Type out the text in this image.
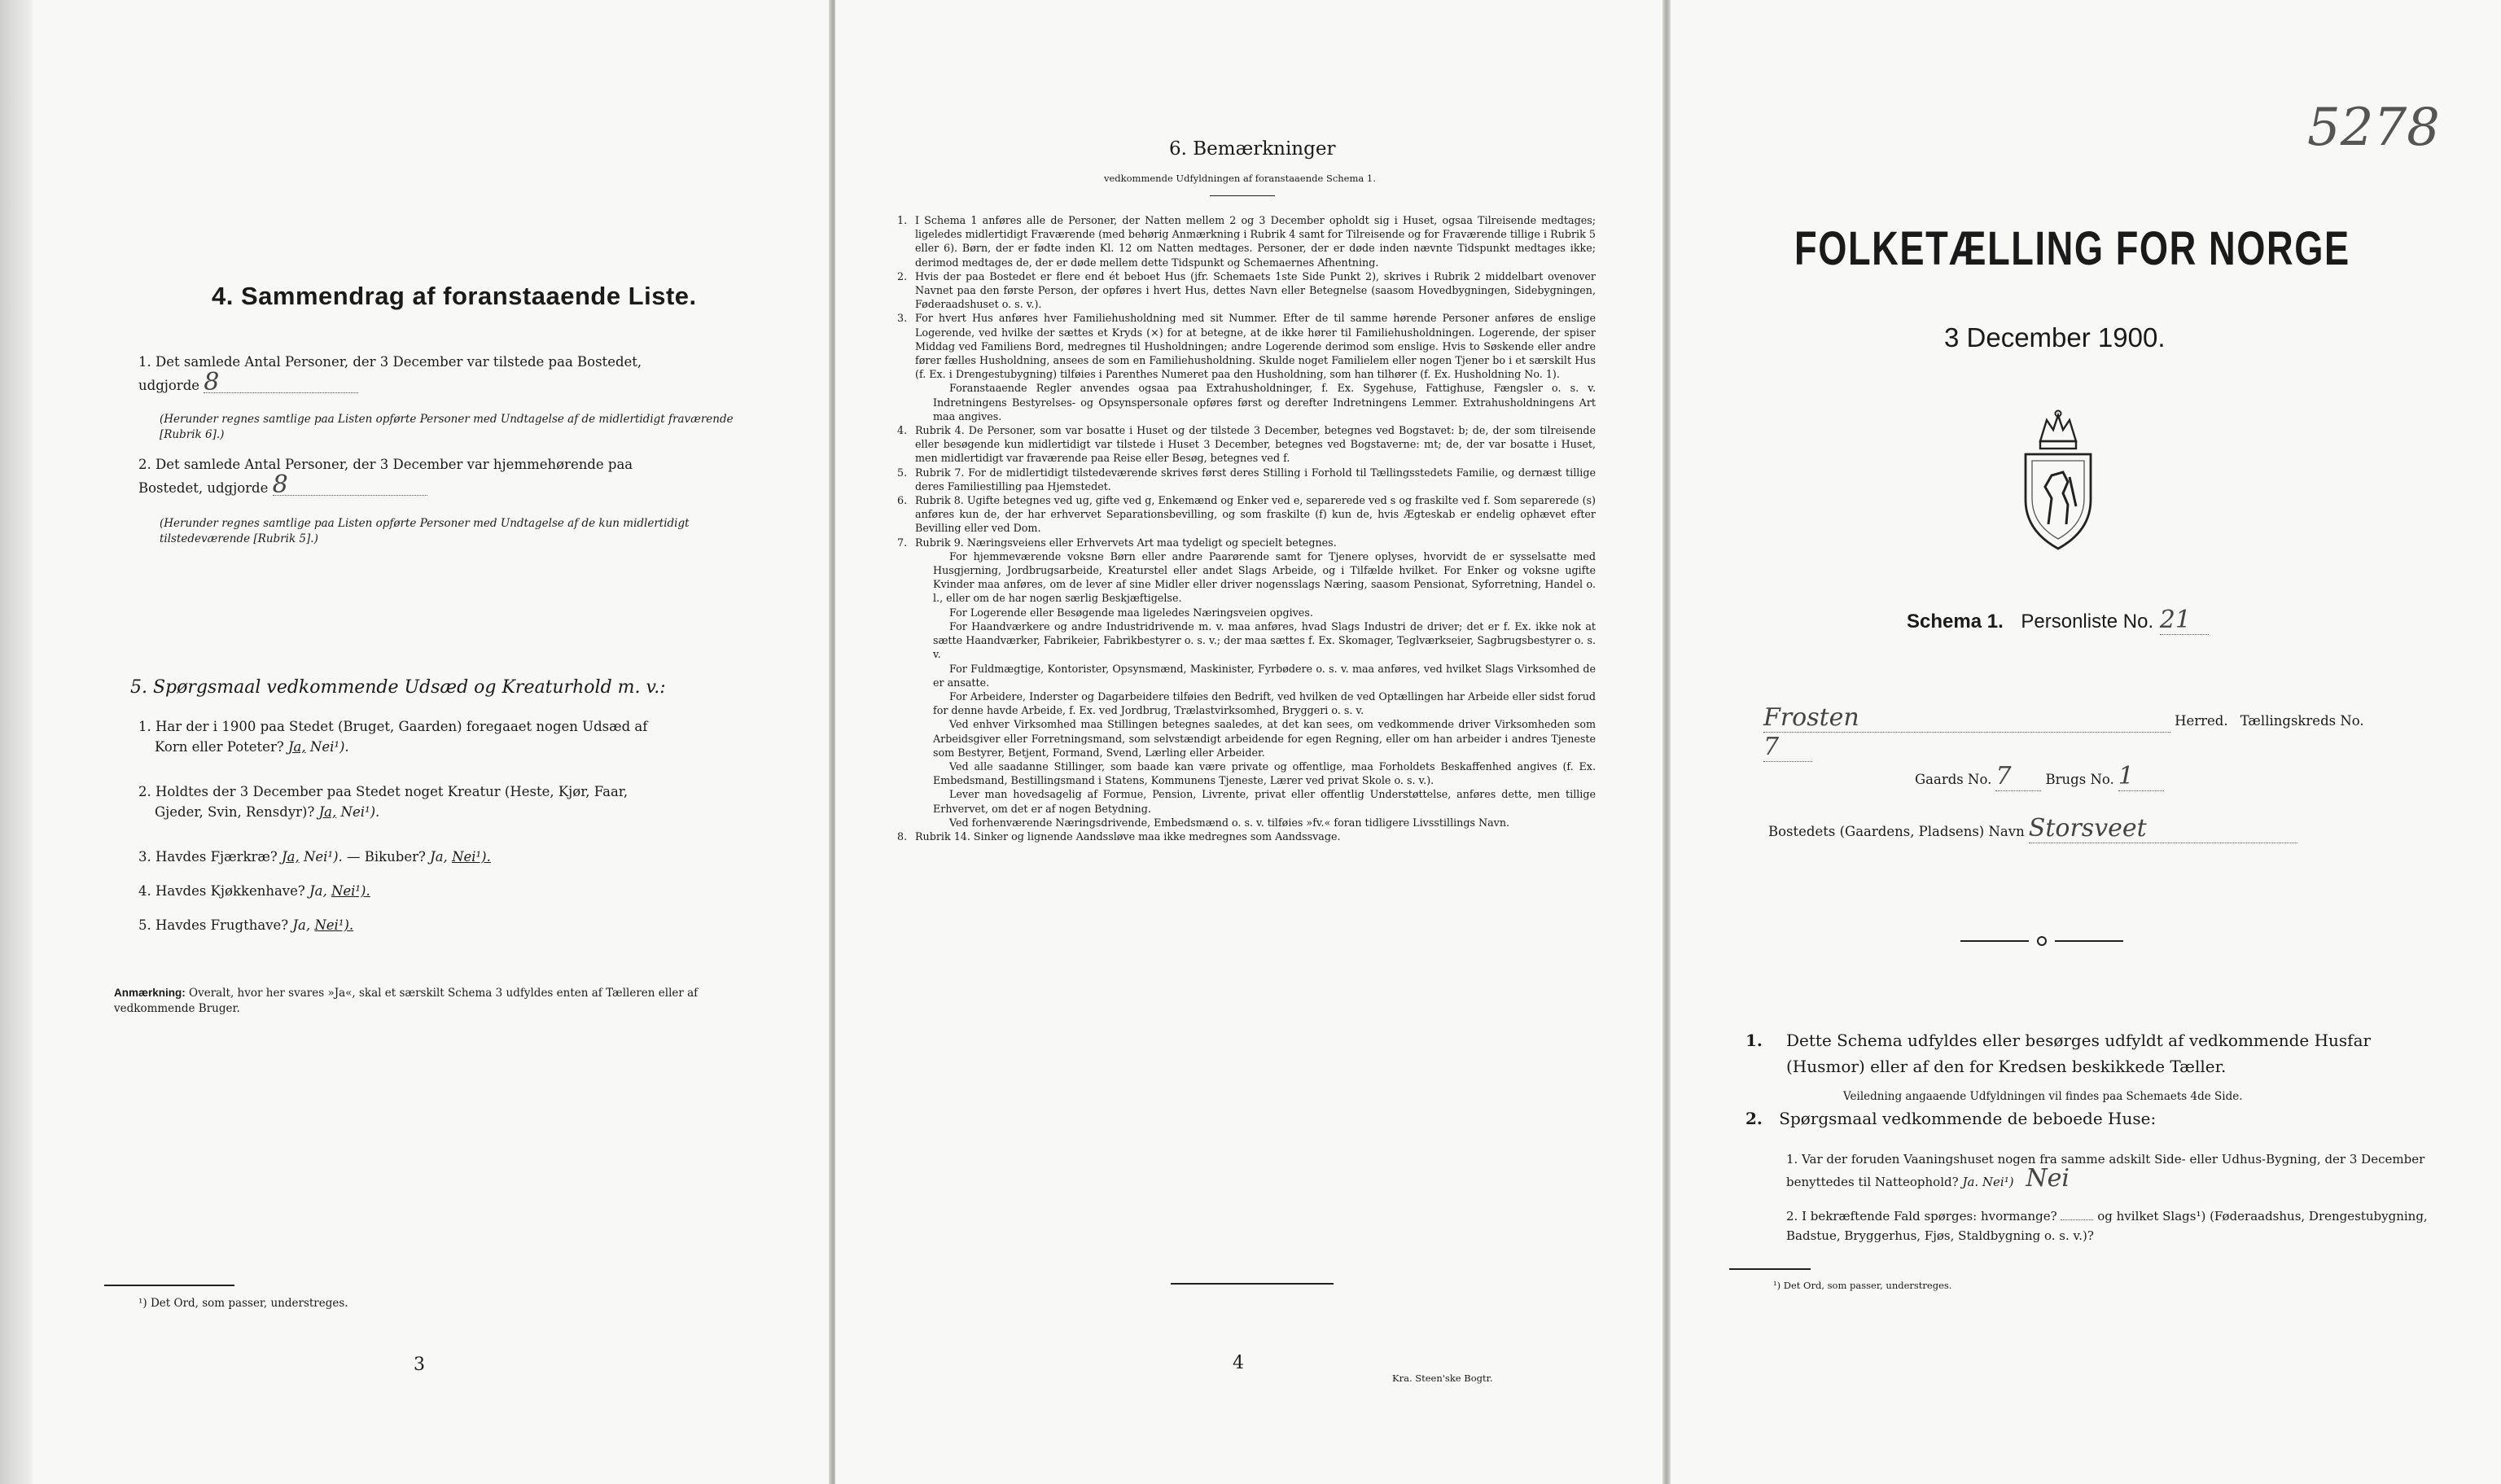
4. Sammendrag af foranstaaende Liste.
1. Det samlede Antal Personer, der 3 December var tilstede paa Bostedet,
udgjorde 8
(Herunder regnes samtlige paa Listen opførte Personer med Undtagelse af de midlertidigt fraværende [Rubrik 6].)
2. Det samlede Antal Personer, der 3 December var hjemmehørende paa
Bostedet, udgjorde 8
(Herunder regnes samtlige paa Listen opførte Personer med Undtagelse af de kun midlertidigt tilstedeværende [Rubrik 5].)
5. Spørgsmaal vedkommende Udsæd og Kreaturhold m. v.:
1. Har der i 1900 paa Stedet (Bruget, Gaarden) foregaaet nogen Udsæd af
Korn eller Poteter? Ja, Nei¹).
2. Holdtes der 3 December paa Stedet noget Kreatur (Heste, Kjør, Faar,
Gjeder, Svin, Rensdyr)? Ja, Nei¹).
3. Havdes Fjærkræ? Ja, Nei¹). — Bikuber? Ja, Nei¹).
4. Havdes Kjøkkenhave? Ja, Nei¹).
5. Havdes Frugthave? Ja, Nei¹).
Anmærkning: Overalt, hvor her svares »Ja«, skal et særskilt Schema 3 udfyldes enten af Tælleren eller af vedkommende Bruger.
¹) Det Ord, som passer, understreges.
3
6. Bemærkninger
vedkommende Udfyldningen af foranstaaende Schema 1.
1. I Schema 1 anføres alle de Personer, der Natten mellem 2 og 3 December opholdt sig i Huset, ogsaa Tilreisende medtages; ligeledes midlertidigt Fraværende (med behørig Anmærkning i Rubrik 4 samt for Tilreisende og for Fraværende tillige i Rubrik 5 eller 6). Børn, der er fødte inden Kl. 12 om Natten medtages. Personer, der er døde inden nævnte Tidspunkt medtages ikke; derimod medtages de, der er døde mellem dette Tidspunkt og Schemaernes Afhentning.
2. Hvis der paa Bostedet er flere end ét beboet Hus (jfr. Schemaets 1ste Side Punkt 2), skrives i Rubrik 2 middelbart ovenover Navnet paa den første Person, der opføres i hvert Hus, dettes Navn eller Betegnelse (saasom Hovedbygningen, Sidebygningen, Føderaadshuset o. s. v.).
3. For hvert Hus anføres hver Familiehusholdning med sit Nummer. Efter de til samme hørende Personer anføres de enslige Logerende, ved hvilke der sættes et Kryds (×) for at betegne, at de ikke hører til Familiehusholdningen. Logerende, der spiser Middag ved Familiens Bord, medregnes til Husholdningen; andre Logerende derimod som enslige. Hvis to Søskende eller andre fører fælles Husholdning, ansees de som en Familiehusholdning. Skulde noget Familielem eller nogen Tjener bo i et særskilt Hus (f. Ex. i Drengestubygning) tilføies i Parenthes Numeret paa den Husholdning, som han tilhører (f. Ex. Husholdning No. 1).
Foranstaaende Regler anvendes ogsaa paa Extrahusholdninger, f. Ex. Sygehuse, Fattighuse, Fængsler o. s. v. Indretningens Bestyrelses- og Opsynspersonale opføres først og derefter Indretningens Lemmer. Extrahusholdningens Art maa angives.
4. Rubrik 4. De Personer, som var bosatte i Huset og der tilstede 3 December, betegnes ved Bogstavet: b; de, der som tilreisende eller besøgende kun midlertidigt var tilstede i Huset 3 December, betegnes ved Bogstaverne: mt; de, der var bosatte i Huset, men midlertidigt var fraværende paa Reise eller Besøg, betegnes ved f.
5. Rubrik 7. For de midlertidigt tilstedeværende skrives først deres Stilling i Forhold til Tællingsstedets Familie, og dernæst tillige deres Familiestilling paa Hjemstedet.
6. Rubrik 8. Ugifte betegnes ved ug, gifte ved g, Enkemænd og Enker ved e, separerede ved s og fraskilte ved f. Som separerede (s) anføres kun de, der har erhvervet Separationsbevilling, og som fraskilte (f) kun de, hvis Ægteskab er endelig ophævet efter Bevilling eller ved Dom.
7. Rubrik 9. Næringsveiens eller Erhvervets Art maa tydeligt og specielt betegnes.
For hjemmeværende voksne Børn eller andre Paarørende samt for Tjenere oplyses, hvorvidt de er sysselsatte med Husgjerning, Jordbrugsarbeide, Kreaturstel eller andet Slags Arbeide, og i Tilfælde hvilket. For Enker og voksne ugifte Kvinder maa anføres, om de lever af sine Midler eller driver nogensslags Næring, saasom Pensionat, Syforretning, Handel o. l., eller om de har nogen særlig Beskjæftigelse.
For Logerende eller Besøgende maa ligeledes Næringsveien opgives.
For Haandværkere og andre Industridrivende m. v. maa anføres, hvad Slags Industri de driver; det er f. Ex. ikke nok at sætte Haandværker, Fabrikeier, Fabrikbestyrer o. s. v.; der maa sættes f. Ex. Skomager, Teglværkseier, Sagbrugsbestyrer o. s. v.
For Fuldmægtige, Kontorister, Opsynsmænd, Maskinister, Fyrbødere o. s. v. maa anføres, ved hvilket Slags Virksomhed de er ansatte.
For Arbeidere, Inderster og Dagarbeidere tilføies den Bedrift, ved hvilken de ved Optællingen har Arbeide eller sidst forud for denne havde Arbeide, f. Ex. ved Jordbrug, Trælastvirksomhed, Bryggeri o. s. v.
Ved enhver Virksomhed maa Stillingen betegnes saaledes, at det kan sees, om vedkommende driver Virksomheden som Arbeidsgiver eller Forretningsmand, som selvstændigt arbeidende for egen Regning, eller om han arbeider i andres Tjeneste som Bestyrer, Betjent, Formand, Svend, Lærling eller Arbeider.
Ved alle saadanne Stillinger, som baade kan være private og offentlige, maa Forholdets Beskaffenhed angives (f. Ex. Embedsmand, Bestillingsmand i Statens, Kommunens Tjeneste, Lærer ved privat Skole o. s. v.).
Lever man hovedsagelig af Formue, Pension, Livrente, privat eller offentlig Understøttelse, anføres dette, men tillige Erhvervet, om det er af nogen Betydning.
Ved forhenværende Næringsdrivende, Embedsmænd o. s. v. tilføies »fv.« foran tidligere Livsstillings Navn.
8. Rubrik 14. Sinker og lignende Aandssløve maa ikke medregnes som Aandssvage.
4
Kra. Steen'ske Bogtr.
5278
FOLKETÆLLING FOR NORGE
3 December 1900.
Schema 1. Personliste No. 21
Frosten	Herred. Tællingskreds No. 7
Gaards No. 7	Brugs No. 1
Bostedets (Gaardens, Pladsens) Navn Storsveet
1. Dette Schema udfyldes eller besørges udfyldt af vedkommende Husfar (Husmor) eller af den for Kredsen beskikkede Tæller.
Veiledning angaaende Udfyldningen vil findes paa Schemaets 4de Side.
2. Spørgsmaal vedkommende de beboede Huse:
1. Var der foruden Vaaningshuset nogen fra samme adskilt Side- eller Udhus-Bygning, der 3 December benyttedes til Natteophold? Ja. Nei¹) Nei
2. I bekræftende Fald spørges: hvormange?	og hvilket Slags¹) (Føderaadshus, Drengestubygning, Badstue, Bryggerhus, Fjøs, Staldbygning o. s. v.)?
¹) Det Ord, som passer, understreges.
